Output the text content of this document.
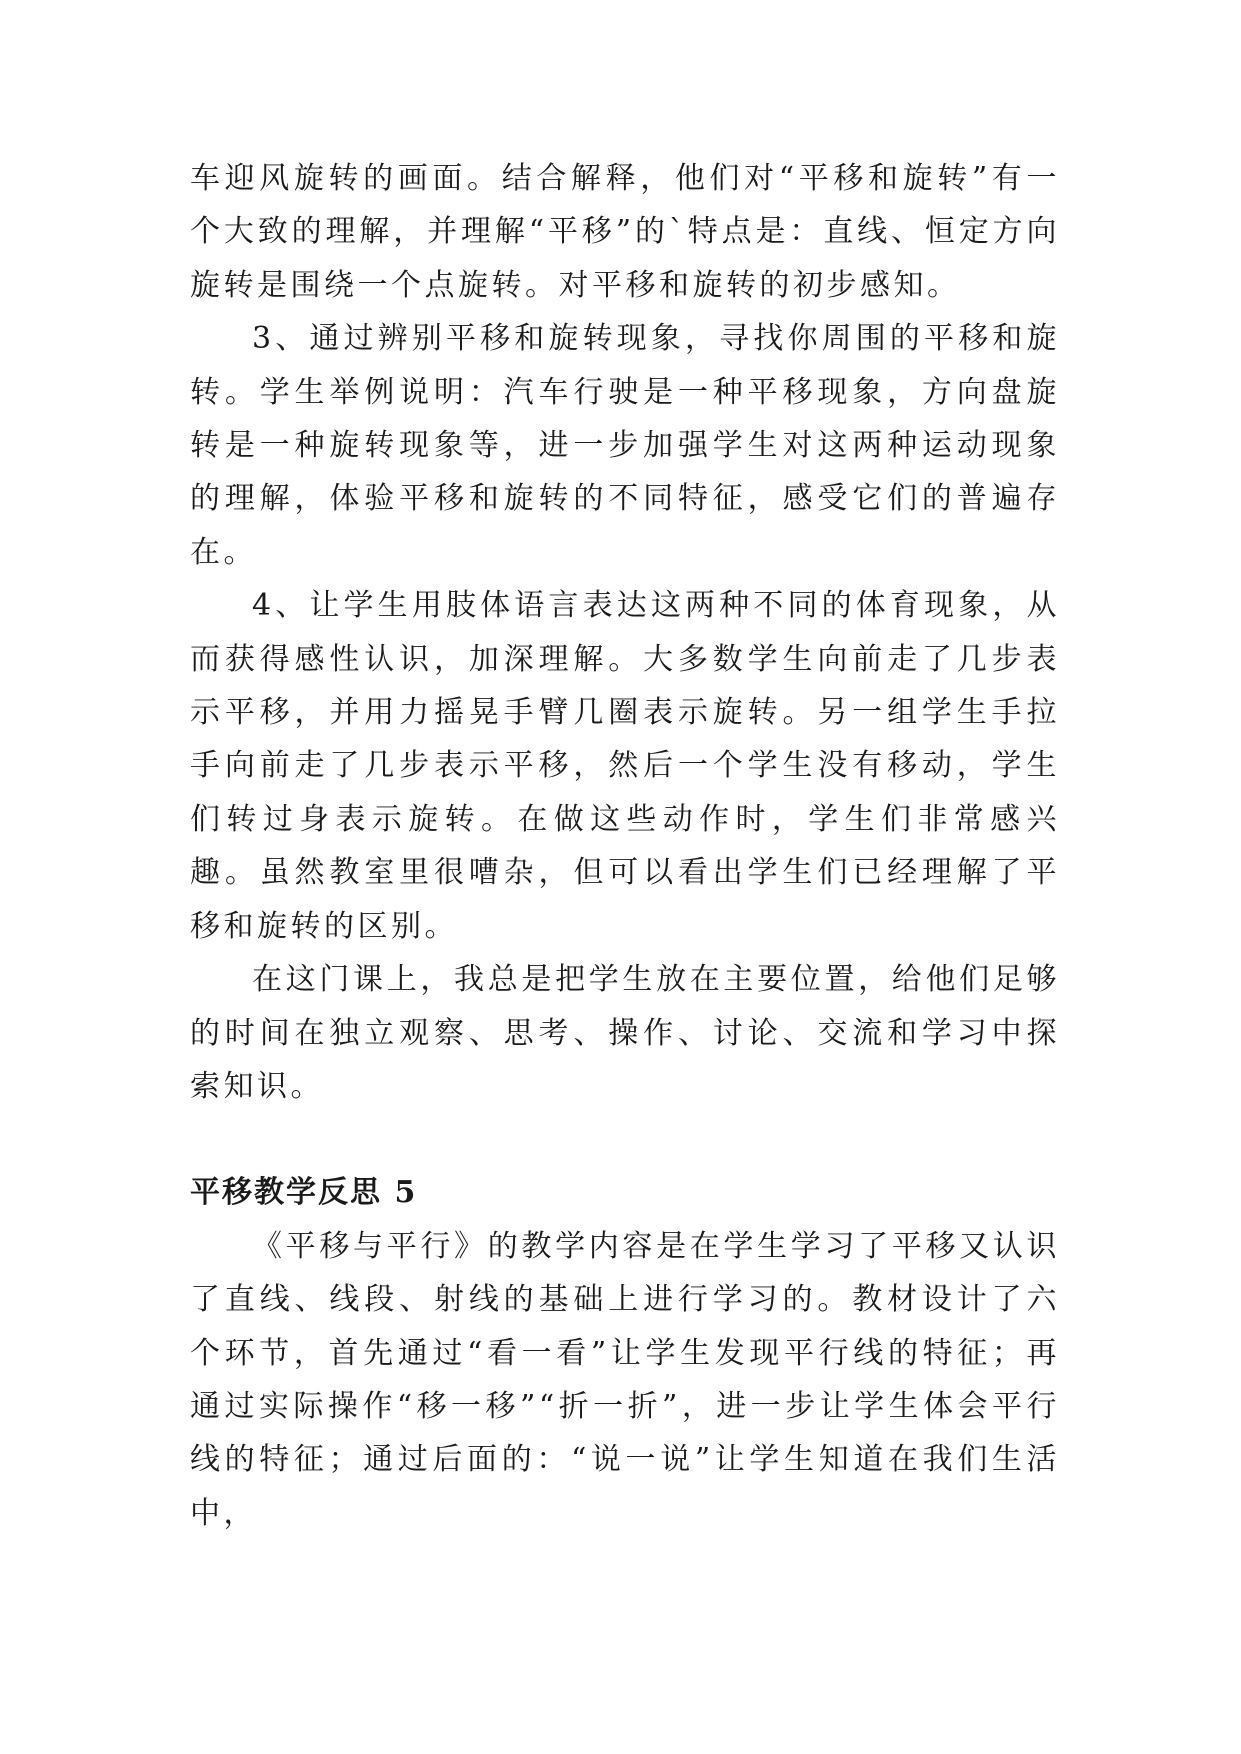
车迎风旋转的画面。结合解释，他们对“平移和旋转”有一个大致的理解，并理解“平移”的`特点是：直线、恒定方向旋转是围绕一个点旋转。对平移和旋转的初步感知。

3、通过辨别平移和旋转现象，寻找你周围的平移和旋转。学生举例说明：汽车行驶是一种平移现象，方向盘旋转是一种旋转现象等，进一步加强学生对这两种运动现象的理解，体验平移和旋转的不同特征，感受它们的普遍存在。

4、让学生用肢体语言表达这两种不同的体育现象，从而获得感性认识，加深理解。大多数学生向前走了几步表示平移，并用力摇晃手臂几圈表示旋转。另一组学生手拉手向前走了几步表示平移，然后一个学生没有移动，学生们转过身表示旋转。在做这些动作时，学生们非常感兴趣。虽然教室里很嘈杂，但可以看出学生们已经理解了平移和旋转的区别。

在这门课上，我总是把学生放在主要位置，给他们足够的时间在独立观察、思考、操作、讨论、交流和学习中探索知识。

平移教学反思 5

《平移与平行》的教学内容是在学生学习了平移又认识了直线、线段、射线的基础上进行学习的。教材设计了六个环节，首先通过“看一看”让学生发现平行线的特征；再通过实际操作“移一移”“折一折”，进一步让学生体会平行线的特征；通过后面的：“说一说”让学生知道在我们生活中，
